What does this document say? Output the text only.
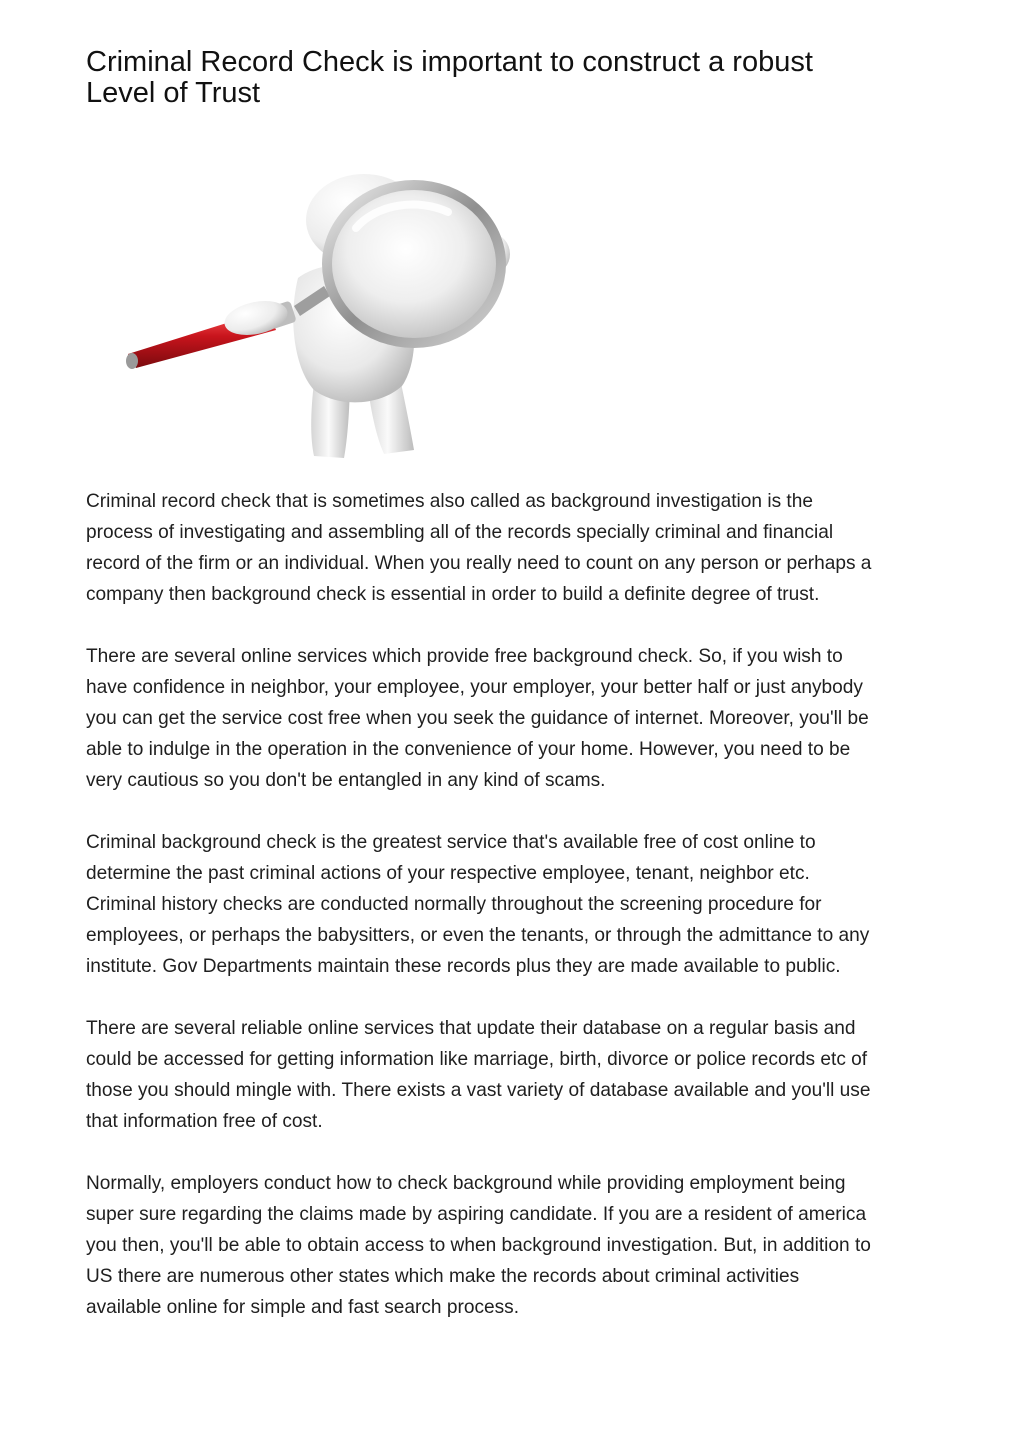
Criminal Record Check is important to construct a robust
Level of Trust

Criminal record check that is sometimes also called as background investigation is the
process of investigating and assembling all of the records specially criminal and financial
record of the firm or an individual. When you really need to count on any person or perhaps a
company then background check is essential in order to build a definite degree of trust.

There are several online services which provide free background check. So, if you wish to
have confidence in neighbor, your employee, your employer, your better half or just anybody
you can get the service cost free when you seek the guidance of internet. Moreover, you'll be
able to indulge in the operation in the convenience of your home. However, you need to be
very cautious so you don't be entangled in any kind of scams.

Criminal background check is the greatest service that's available free of cost online to
determine the past criminal actions of your respective employee, tenant, neighbor etc.
Criminal history checks are conducted normally throughout the screening procedure for
employees, or perhaps the babysitters, or even the tenants, or through the admittance to any
institute. Gov Departments maintain these records plus they are made available to public.

There are several reliable online services that update their database on a regular basis and
could be accessed for getting information like marriage, birth, divorce or police records etc of
those you should mingle with. There exists a vast variety of database available and you'll use
that information free of cost.

Normally, employers conduct how to check background while providing employment being
super sure regarding the claims made by aspiring candidate. If you are a resident of america
you then, you'll be able to obtain access to when background investigation. But, in addition to
US there are numerous other states which make the records about criminal activities
available online for simple and fast search process.
